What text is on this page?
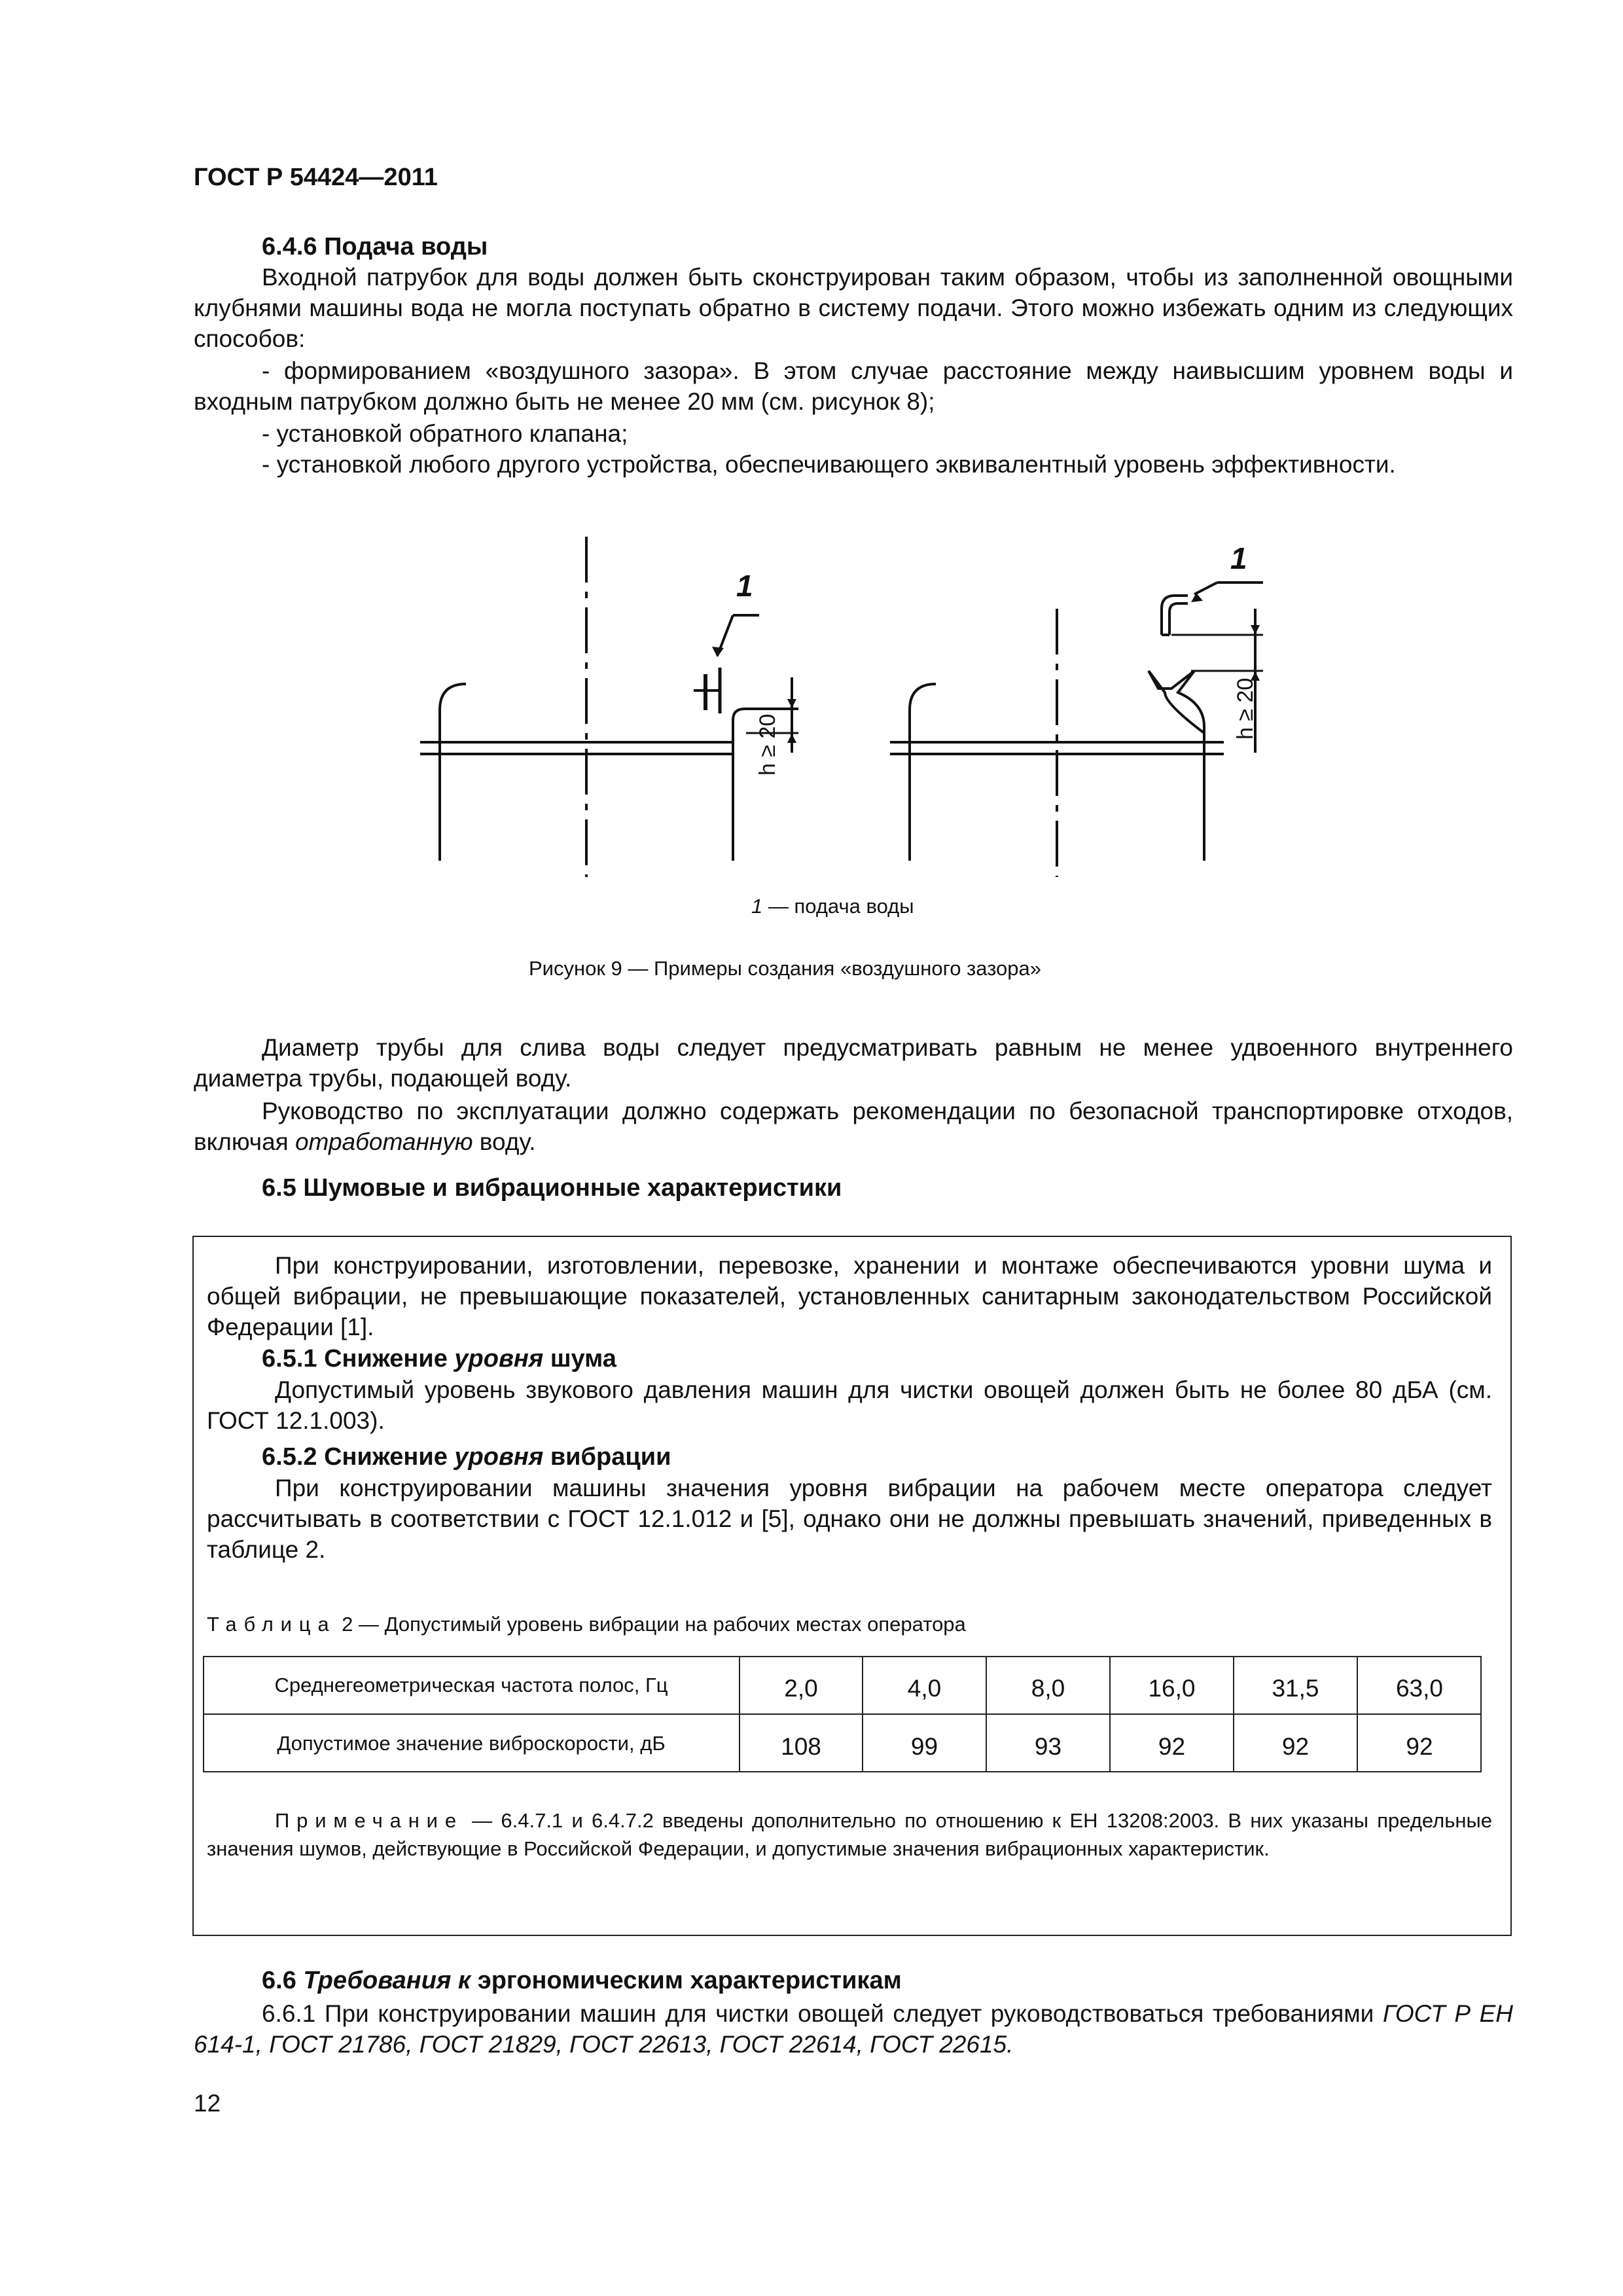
ГОСТ Р 54424—2011
6.4.6 Подача воды

Входной патрубок для воды должен быть сконструирован таким образом, чтобы из заполненной овощными клубнями машины вода не могла поступать обратно в систему подачи. Этого можно избежать одним из следующих способов:

- формированием «воздушного зазора». В этом случае расстояние между наивысшим уровнем воды и входным патрубком должно быть не менее 20 мм (см. рисунок 8);

- установкой обратного клапана;

- установкой любого другого устройства, обеспечивающего эквивалентный уровень эффективности.

1
1
h ≥ 20
h ≥ 20
1 — подача воды
Рисунок 9 — Примеры создания «воздушного зазора»

Диаметр трубы для слива воды следует предусматривать равным не менее удвоенного внутреннего диаметра трубы, подающей воду.

Руководство по эксплуатации должно содержать рекомендации по безопасной транспортировке отходов, включая отработанную воду.

6.5 Шумовые и вибрационные характеристики

При конструировании, изготовлении, перевозке, хранении и монтаже обеспечиваются уровни шума и общей вибрации, не превышающие показателей, установленных санитарным законодательством Российской Федерации [1].

6.5.1 Снижение уровня шума

Допустимый уровень звукового давления машин для чистки овощей должен быть не более 80 дБА (см. ГОСТ 12.1.003).

6.5.2 Снижение уровня вибрации

При конструировании машины значения уровня вибрации на рабочем месте оператора следует рассчитывать в соответствии с ГОСТ 12.1.012 и [5], однако они не должны превышать значений, приведенных в таблице 2.

Таблица 2 — Допустимый уровень вибрации на рабочих местах оператора
Среднегеометрическая частота полос, Гц	2,0	4,0	8,0	16,0	31,5	63,0
Допустимое значение виброскорости, дБ	108	99	93	92	92	92

Примечание — 6.4.7.1 и 6.4.7.2 введены дополнительно по отношению к ЕН 13208:2003. В них указаны предельные значения шумов, действующие в Российской Федерации, и допустимые значения вибрационных характеристик.

6.6 Требования к эргономическим характеристикам

6.6.1 При конструировании машин для чистки овощей следует руководствоваться требованиями ГОСТ Р ЕН 614-1, ГОСТ 21786, ГОСТ 21829, ГОСТ 22613, ГОСТ 22614, ГОСТ 22615.

12
